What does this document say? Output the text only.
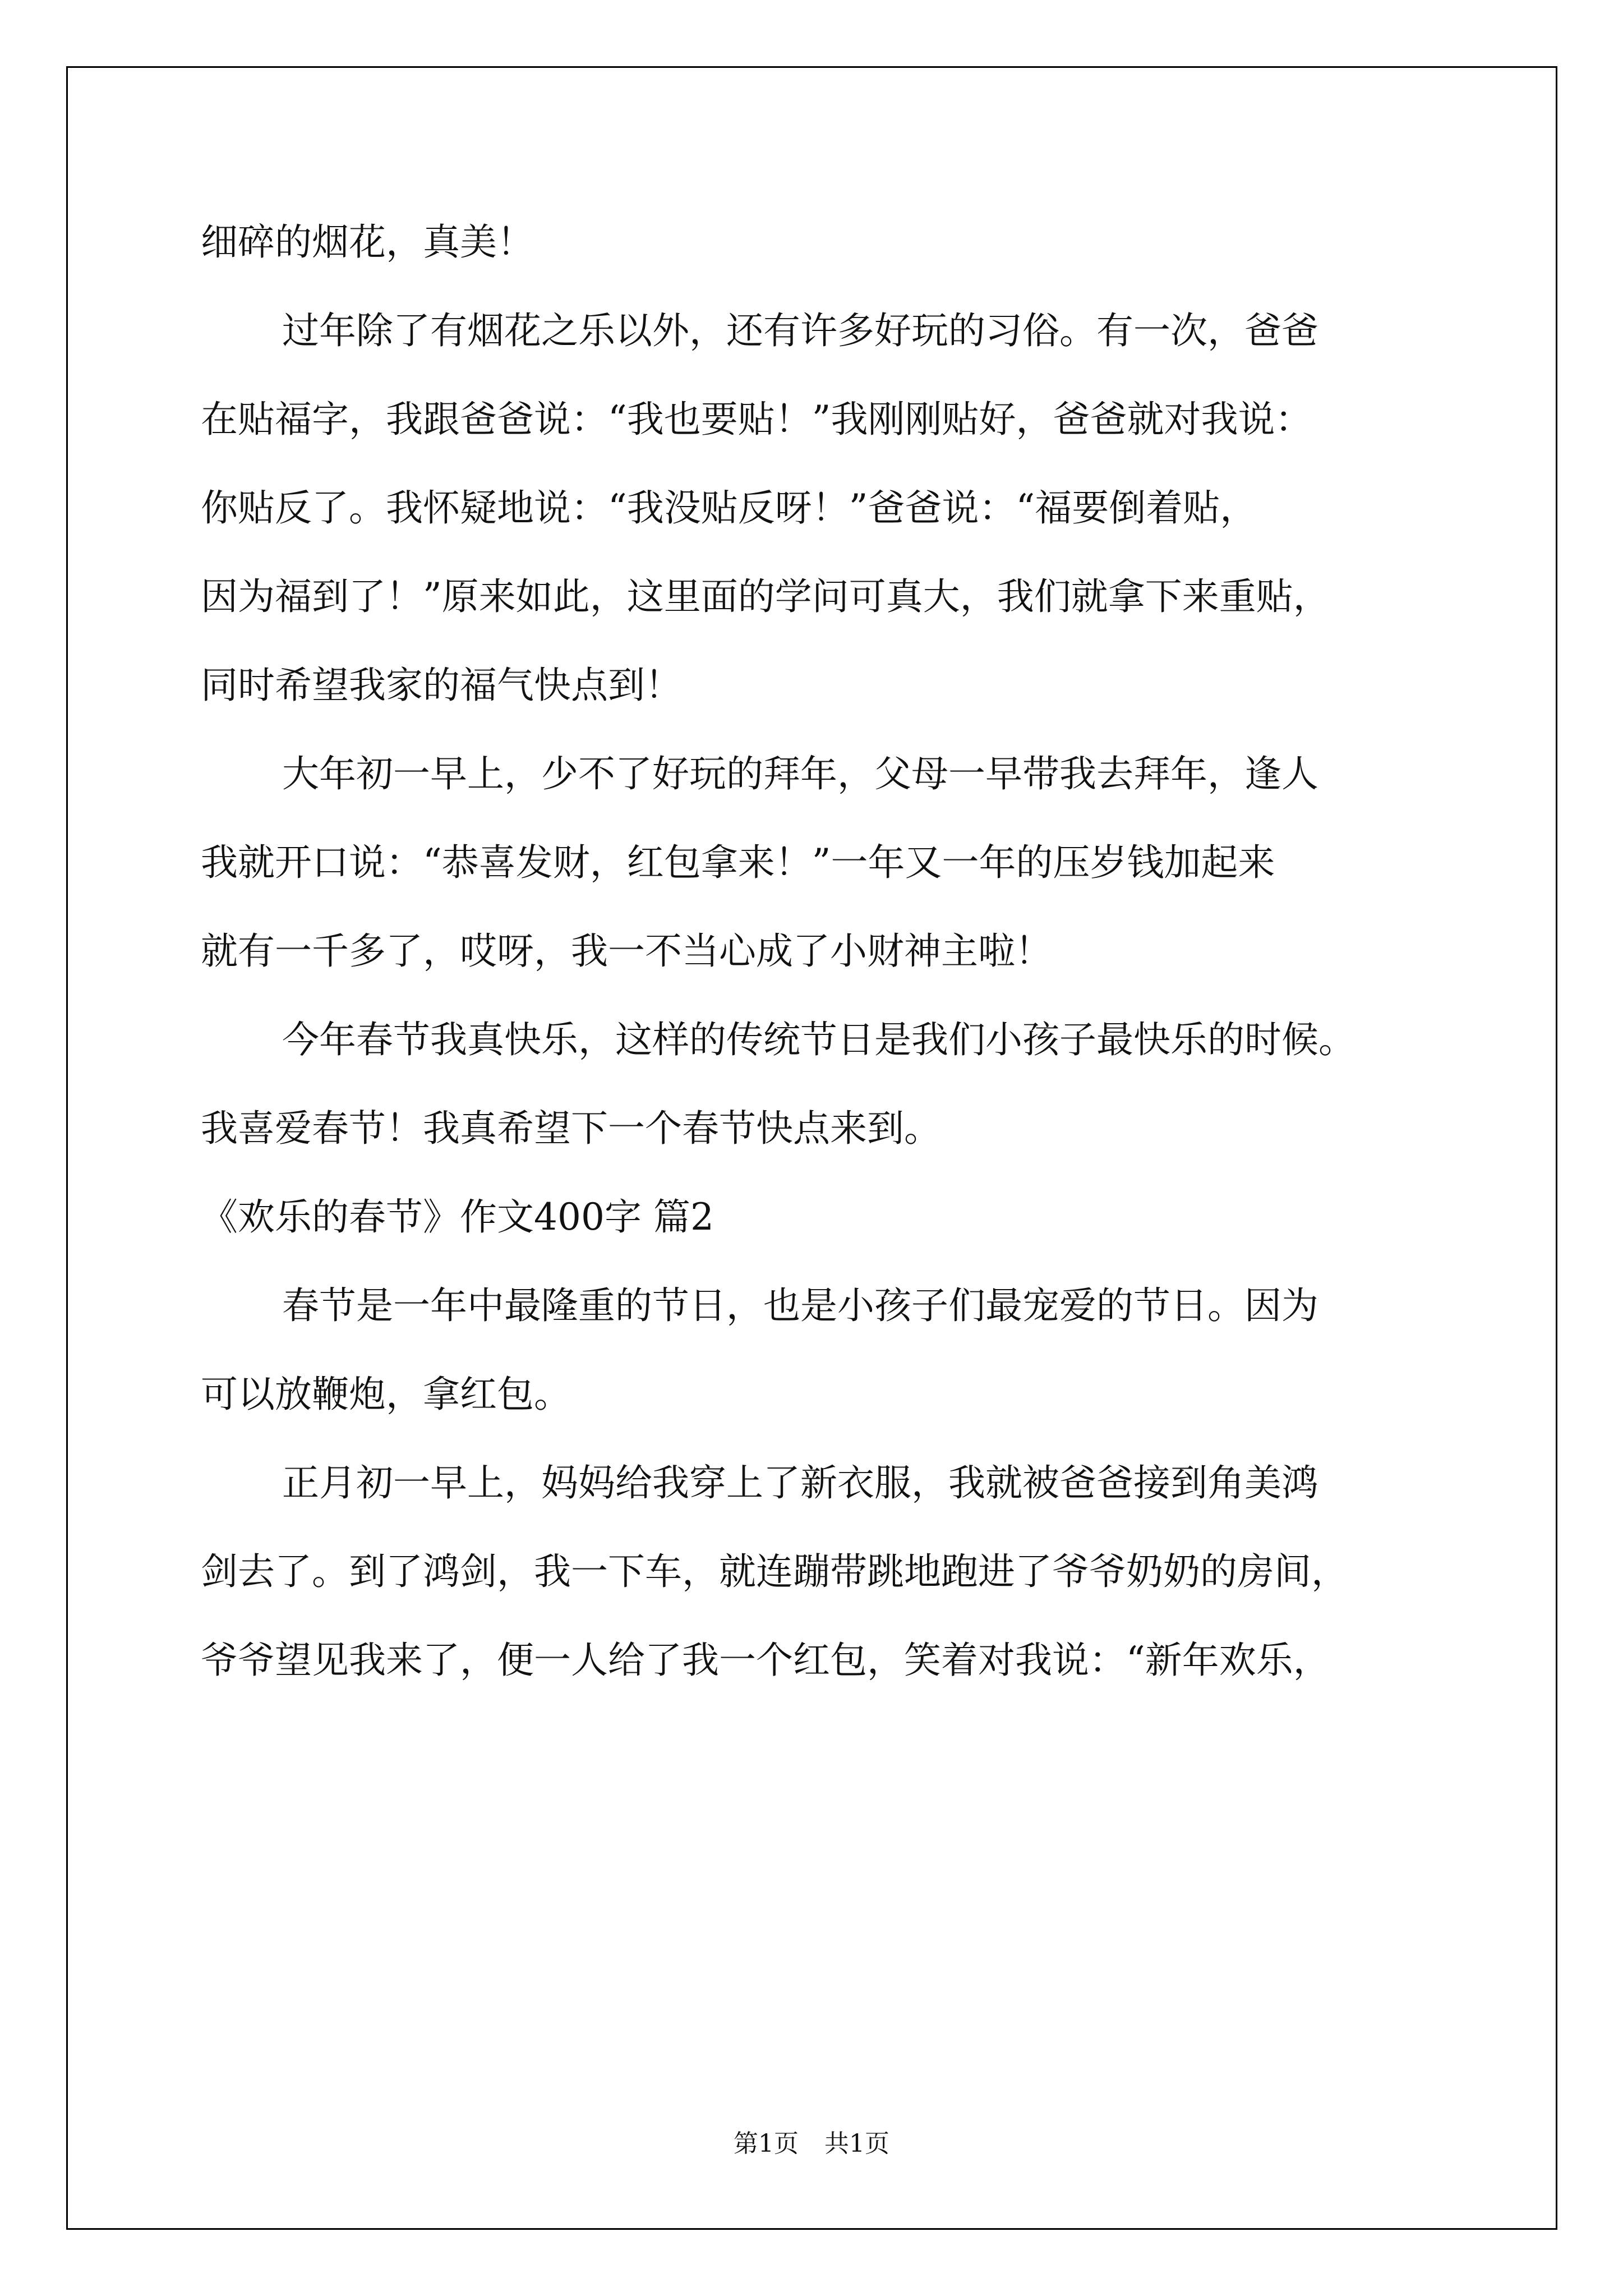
细碎的烟花，真美！
过年除了有烟花之乐以外，还有许多好玩的习俗。有一次，爸爸
在贴福字，我跟爸爸说：“我也要贴！”我刚刚贴好，爸爸就对我说：
你贴反了。我怀疑地说：“我没贴反呀！”爸爸说：“福要倒着贴，
因为福到了！”原来如此，这里面的学问可真大，我们就拿下来重贴，
同时希望我家的福气快点到！
大年初一早上，少不了好玩的拜年，父母一早带我去拜年，逢人
我就开口说：“恭喜发财，红包拿来！”一年又一年的压岁钱加起来
就有一千多了，哎呀，我一不当心成了小财神主啦！
今年春节我真快乐，这样的传统节日是我们小孩子最快乐的时候。
我喜爱春节！我真希望下一个春节快点来到。
《欢乐的春节》作文400字 篇2
春节是一年中最隆重的节日，也是小孩子们最宠爱的节日。因为
可以放鞭炮，拿红包。
正月初一早上，妈妈给我穿上了新衣服，我就被爸爸接到角美鸿
剑去了。到了鸿剑，我一下车，就连蹦带跳地跑进了爷爷奶奶的房间，
爷爷望见我来了，便一人给了我一个红包，笑着对我说：“新年欢乐，
第1页 共1页
